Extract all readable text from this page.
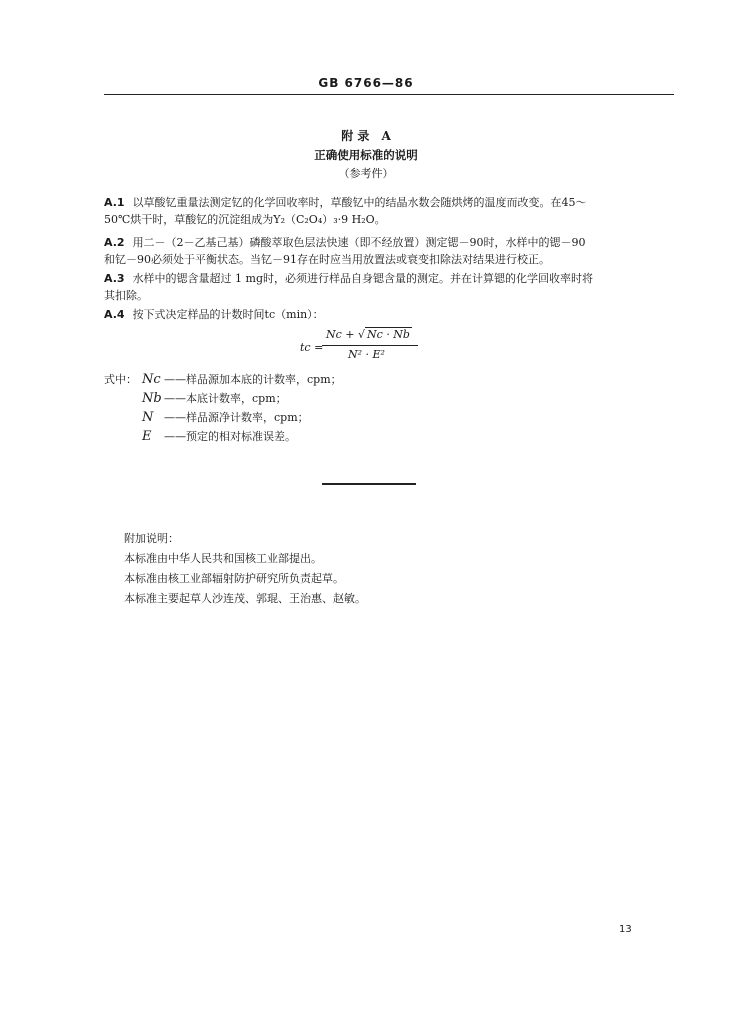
GB 6766—86
附 录 A
正确使用标准的说明
（参考件）
A.1 以草酸钇重量法测定钇的化学回收率时，草酸钇中的结晶水数会随烘烤的温度而改变。在45～
50℃烘干时，草酸钇的沉淀组成为Y₂（C₂O₄）₃·9 H₂O。
A.2 用二－（2－乙基己基）磷酸萃取色层法快速（即不经放置）测定锶－90时，水样中的锶－90
和钇－90必须处于平衡状态。当钇－91存在时应当用放置法或衰变扣除法对结果进行校正。
A.3 水样中的锶含量超过 1 mg时，必须进行样品自身锶含量的测定。并在计算锶的化学回收率时将
其扣除。
A.4 按下式决定样品的计数时间tc（min）：
tc =
Nc + √ Nc · Nb
N² · E²
式中： Nc ——样品源加本底的计数率，cpm；
Nb ——本底计数率，cpm；
N ——样品源净计数率，cpm；
E	——预定的相对标准误差。
附加说明：
本标准由中华人民共和国核工业部提出。
本标准由核工业部辐射防护研究所负责起草。
本标准主要起草人沙连茂、郭琨、王治惠、赵敏。
13
